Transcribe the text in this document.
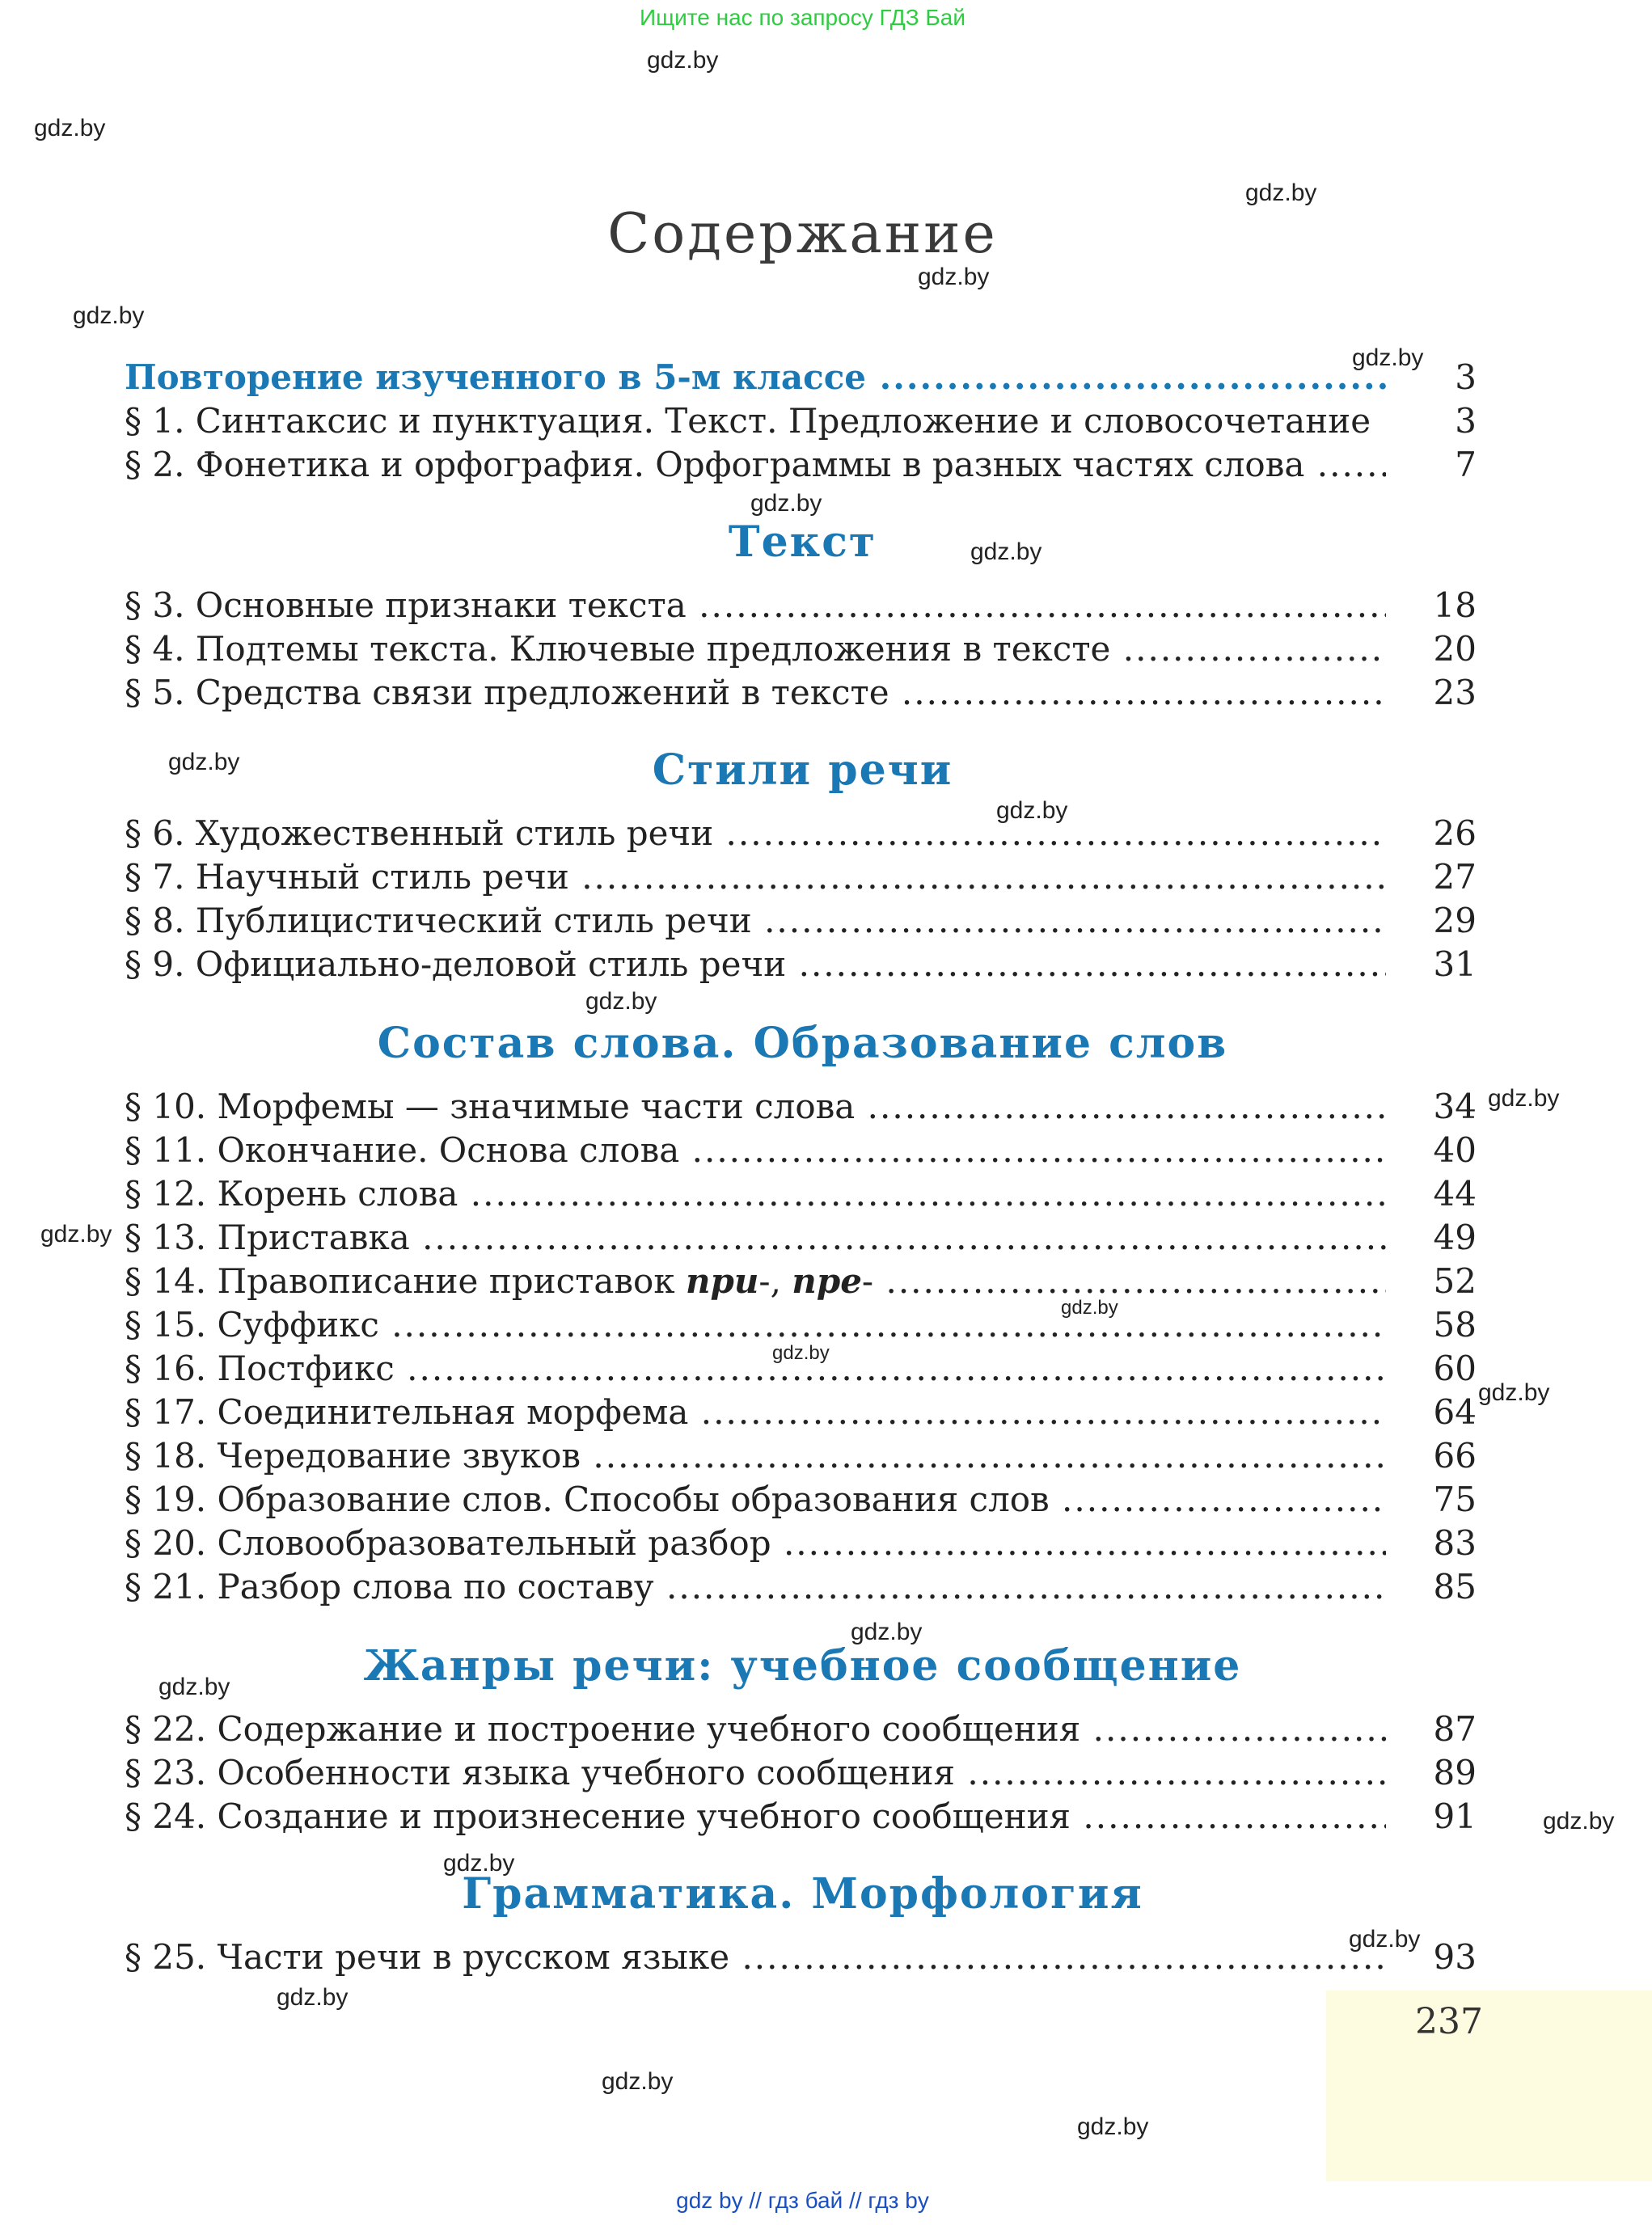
Ищите нас по запросу ГДЗ Бай
gdz.by
gdz.by
gdz.by
gdz.by
gdz.by
gdz.by
gdz.by
gdz.by
gdz.by
gdz.by
gdz.by
gdz.by
gdz.by
gdz.by
gdz.by
gdz.by
gdz.by
gdz.by
gdz.by
gdz.by
gdz.by
gdz.by
gdz.by
gdz.by
Содержание
Повторение изученного в 5-м классе .....	3
§ 1. Синтаксис и пунктуация. Текст. Предложение и словосочетание .....	3
§ 2. Фонетика и орфография. Орфограммы в разных частях слова .....	7
Текст
§ 3. Основные признаки текста .....	18
§ 4. Подтемы текста. Ключевые предложения в тексте .....	20
§ 5. Средства связи предложений в тексте .....	23
Стили речи
§ 6. Художественный стиль речи .....	26
§ 7. Научный стиль речи .....	27
§ 8. Публицистический стиль речи .....	29
§ 9. Официально-деловой стиль речи .....	31
Состав слова. Образование слов
§ 10. Морфемы — значимые части слова .....	34
§ 11. Окончание. Основа слова .....	40
§ 12. Корень слова .....	44
§ 13. Приставка .....	49
§ 14. Правописание приставок при-, пре- .....	52
§ 15. Суффикс .....	58
§ 16. Постфикс .....	60
§ 17. Соединительная морфема .....	64
§ 18. Чередование звуков .....	66
§ 19. Образование слов. Способы образования слов .....	75
§ 20. Словообразовательный разбор .....	83
§ 21. Разбор слова по составу .....	85
Жанры речи: учебное сообщение
§ 22. Содержание и построение учебного сообщения .....	87
§ 23. Особенности языка учебного сообщения .....	89
§ 24. Создание и произнесение учебного сообщения .....	91
Грамматика. Морфология
§ 25. Части речи в русском языке .....	93
237
gdz by // гдз бай // гдз by
